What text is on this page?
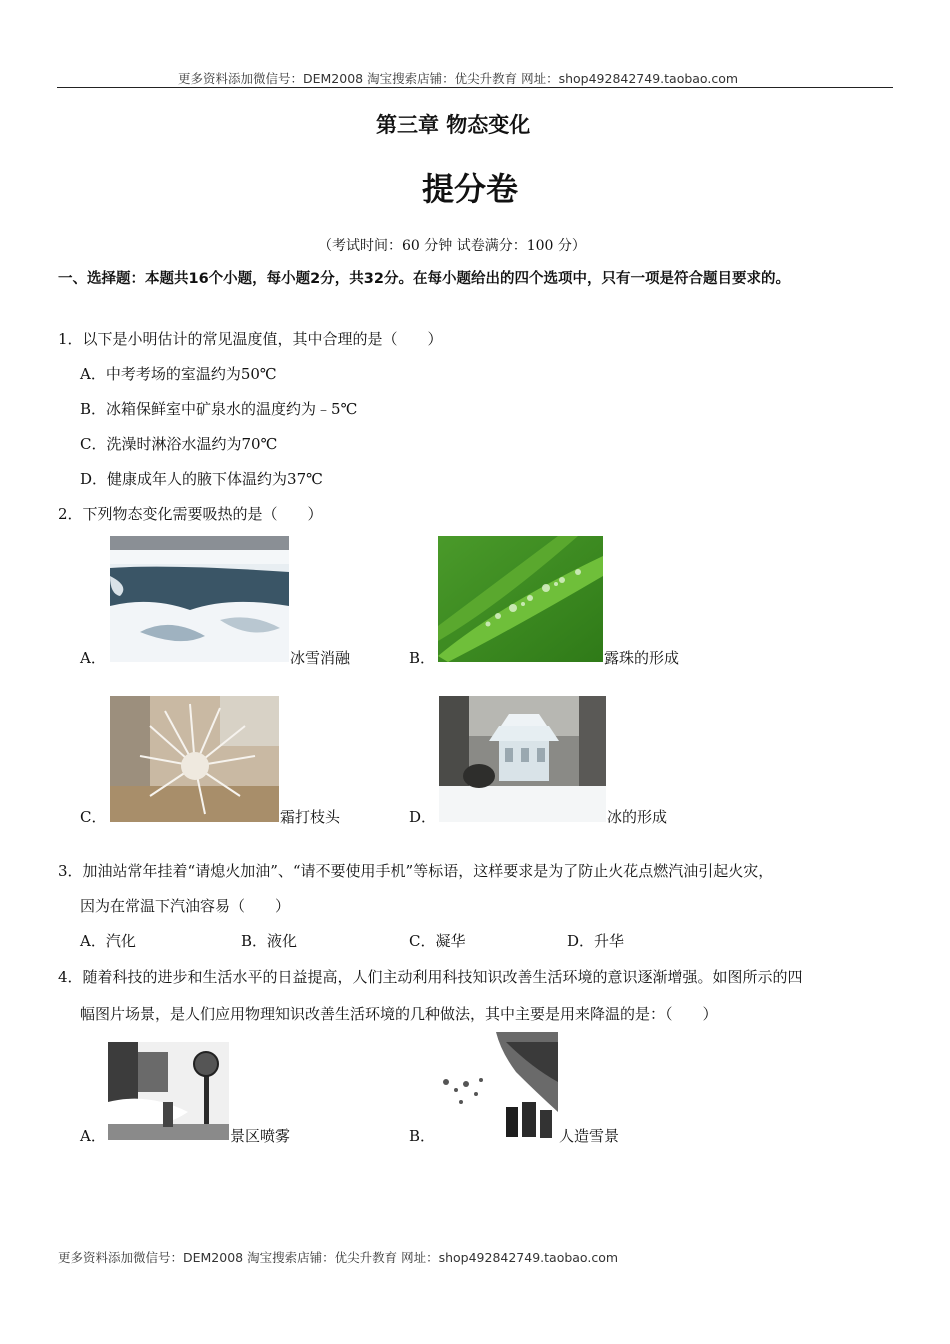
更多资料添加微信号：DEM2008 淘宝搜索店铺：优尖升教育 网址：shop492842749.taobao.com
第三章 物态变化
提分卷
（考试时间：60 分钟 试卷满分：100 分）
一、选择题：本题共16个小题，每小题2分，共32分。在每小题给出的四个选项中，只有一项是符合题目要求的。
1．以下是小明估计的常见温度值，其中合理的是（　　）
A．中考考场的室温约为50℃
B．冰箱保鲜室中矿泉水的温度约为﹣5℃
C．洗澡时淋浴水温约为70℃
D．健康成年人的腋下体温约为37℃
2．下列物态变化需要吸热的是（　　）
A．	冰雪消融	B．	露珠的形成
C．	霜打枝头	D．	冰的形成
3．加油站常年挂着“请熄火加油”、“请不要使用手机”等标语，这样要求是为了防止火花点燃汽油引起火灾，
因为在常温下汽油容易（　　）
A．汽化	B．液化	C．凝华	D．升华
4．随着科技的进步和生活水平的日益提高，人们主动利用科技知识改善生活环境的意识逐渐增强。如图所示的四
幅图片场景，是人们应用物理知识改善生活环境的几种做法，其中主要是用来降温的是：（　　）
A．	景区喷雾	B．	人造雪景
更多资料添加微信号：DEM2008 淘宝搜索店铺：优尖升教育 网址：shop492842749.taobao.com
